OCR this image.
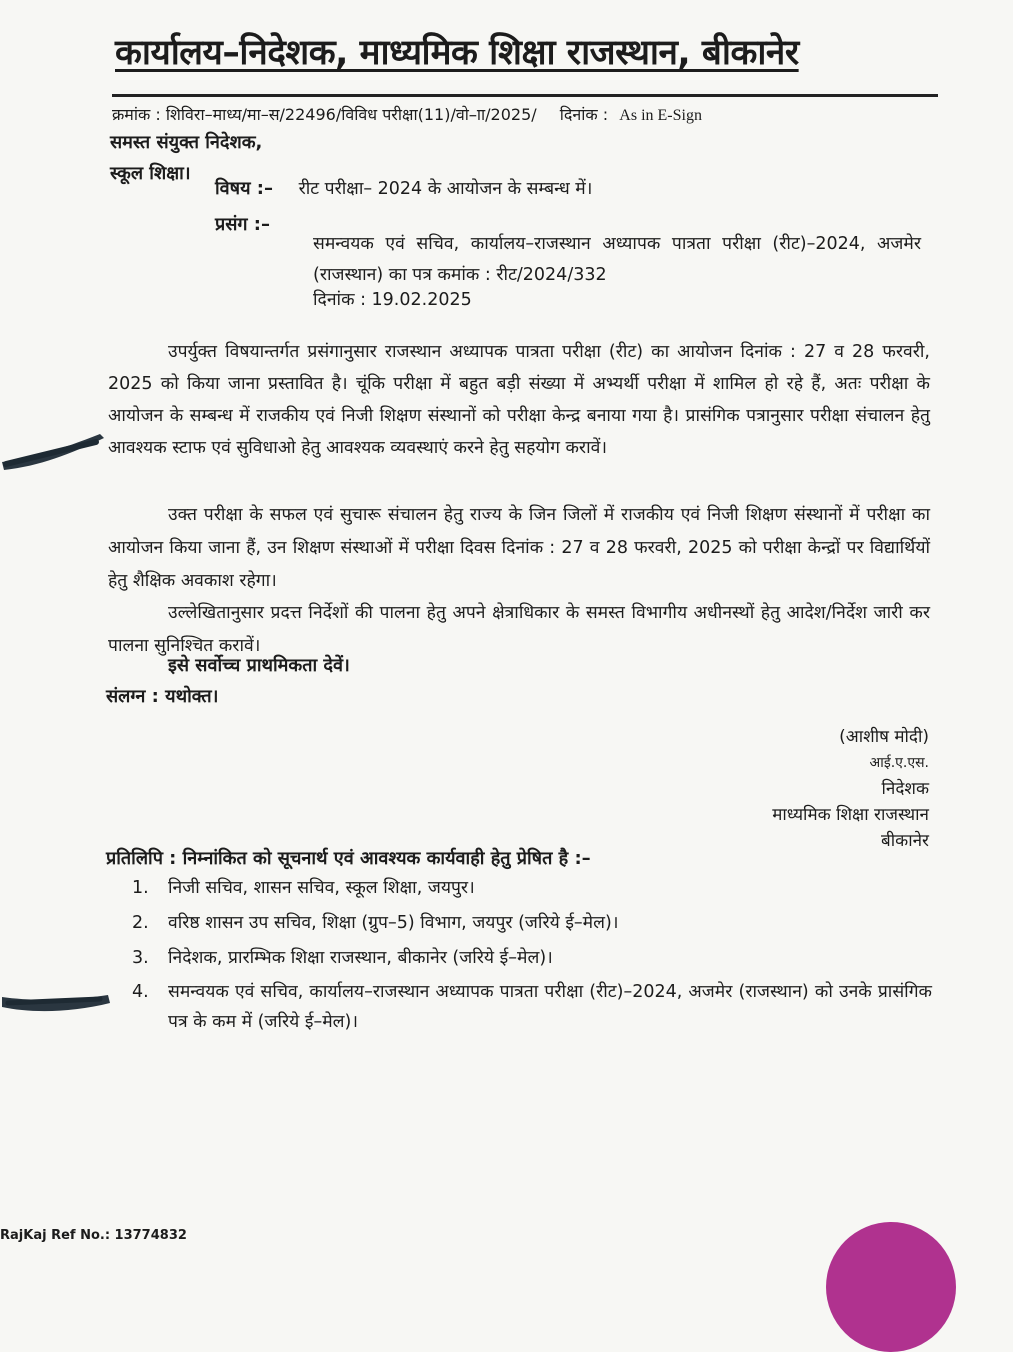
कार्यालय–निदेशक, माध्यमिक शिक्षा राजस्थान, बीकानेर
क्रमांक : शिविरा–माध्य/मा–स/22496/विविध परीक्षा(11)/वो–ाा/2025/ दिनांक : As in E-Sign
समस्त संयुक्त निदेशक,
स्कूल शिक्षा।
विषय :– रीट परीक्षा– 2024 के आयोजन के सम्बन्ध में।
प्रसंग :–
समन्वयक एवं सचिव, कार्यालय–राजस्थान अध्यापक पात्रता परीक्षा (रीट)–2024, अजमेर (राजस्थान) का पत्र कमांक : रीट/2024/332
दिनांक : 19.02.2025
उपर्युक्त विषयान्तर्गत प्रसंगानुसार राजस्थान अध्यापक पात्रता परीक्षा (रीट) का आयोजन दिनांक : 27 व 28 फरवरी, 2025 को किया जाना प्रस्तावित है। चूंकि परीक्षा में बहुत बड़ी संख्या में अभ्यर्थी परीक्षा में शामिल हो रहे हैं, अतः परीक्षा के आयोजन के सम्बन्ध में राजकीय एवं निजी शिक्षण संस्थानों को परीक्षा केन्द्र बनाया गया है। प्रासंगिक पत्रानुसार परीक्षा संचालन हेतु आवश्यक स्टाफ एवं सुविधाओ हेतु आवश्यक व्यवस्थाएं करने हेतु सहयोग करावें।
उक्त परीक्षा के सफल एवं सुचारू संचालन हेतु राज्य के जिन जिलों में राजकीय एवं निजी शिक्षण संस्थानों में परीक्षा का आयोजन किया जाना हैं, उन शिक्षण संस्थाओं में परीक्षा दिवस दिनांक : 27 व 28 फरवरी, 2025 को परीक्षा केन्द्रों पर विद्यार्थियों हेतु शैक्षिक अवकाश रहेगा।
उल्लेखितानुसार प्रदत्त निर्देशों की पालना हेतु अपने क्षेत्राधिकार के समस्त विभागीय अधीनस्थों हेतु आदेश/निर्देश जारी कर पालना सुनिश्चित करावें।
इसे सर्वोच्च प्राथमिकता देवें।
संलग्न : यथोक्त।
(आशीष मोदी)
आई.ए.एस.
निदेशक
माध्यमिक शिक्षा राजस्थान
बीकानेर
प्रतिलिपि : निम्नांकित को सूचनार्थ एवं आवश्यक कार्यवाही हेतु प्रेषित है :–
1.	निजी सचिव, शासन सचिव, स्कूल शिक्षा, जयपुर।
2.	वरिष्ठ शासन उप सचिव, शिक्षा (ग्रुप–5) विभाग, जयपुर (जरिये ई–मेल)।
3.	निदेशक, प्रारम्भिक शिक्षा राजस्थान, बीकानेर (जरिये ई–मेल)।
4.	समन्वयक एवं सचिव, कार्यालय–राजस्थान अध्यापक पात्रता परीक्षा (रीट)–2024, अजमेर (राजस्थान) को उनके प्रासंगिक पत्र के कम में (जरिये ई–मेल)।
RajKaj Ref No.: 13774832
